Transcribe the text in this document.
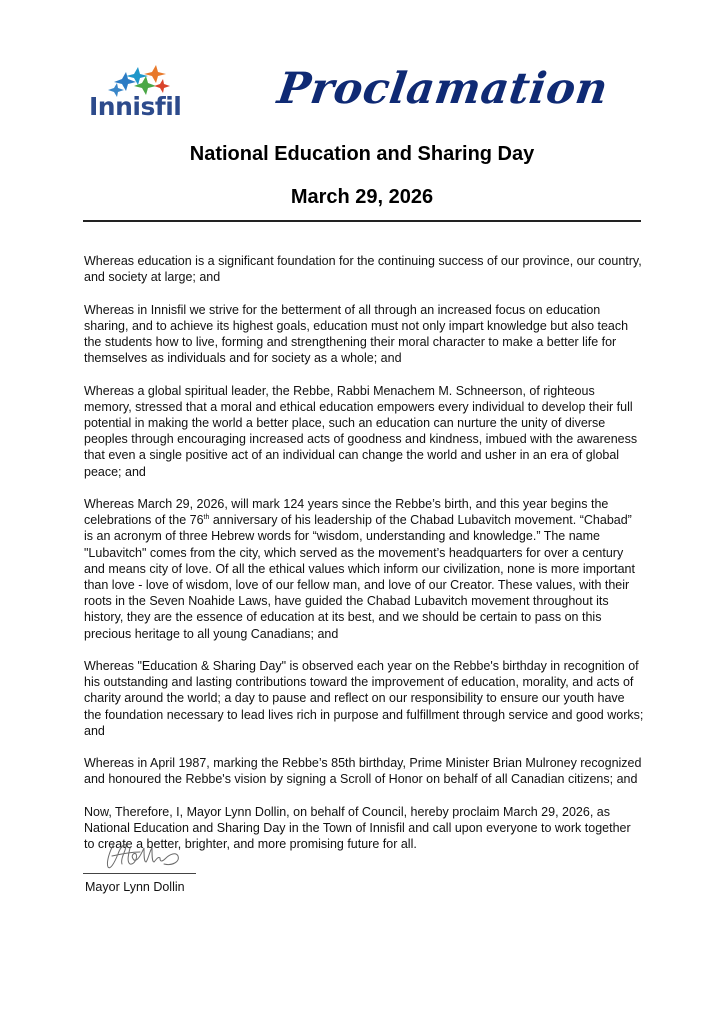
Innisfil Proclamation
National Education and Sharing Day
March 29, 2026

Whereas education is a significant foundation for the continuing success of our province, our country, and society at large; and

Whereas in Innisfil we strive for the betterment of all through an increased focus on education sharing, and to achieve its highest goals, education must not only impart knowledge but also teach the students how to live, forming and strengthening their moral character to make a better life for themselves as individuals and for society as a whole; and

Whereas a global spiritual leader, the Rebbe, Rabbi Menachem M. Schneerson, of righteous memory, stressed that a moral and ethical education empowers every individual to develop their full potential in making the world a better place, such an education can nurture the unity of diverse peoples through encouraging increased acts of goodness and kindness, imbued with the awareness that even a single positive act of an individual can change the world and usher in an era of global peace; and

Whereas March 29, 2026, will mark 124 years since the Rebbe’s birth, and this year begins the celebrations of the 76th anniversary of his leadership of the Chabad Lubavitch movement. “Chabad” is an acronym of three Hebrew words for “wisdom, understanding and knowledge.” The name "Lubavitch" comes from the city, which served as the movement’s headquarters for over a century and means city of love. Of all the ethical values which inform our civilization, none is more important than love - love of wisdom, love of our fellow man, and love of our Creator. These values, with their roots in the Seven Noahide Laws, have guided the Chabad Lubavitch movement throughout its history, they are the essence of education at its best, and we should be certain to pass on this precious heritage to all young Canadians; and

Whereas "Education & Sharing Day" is observed each year on the Rebbe's birthday in recognition of his outstanding and lasting contributions toward the improvement of education, morality, and acts of charity around the world; a day to pause and reflect on our responsibility to ensure our youth have the foundation necessary to lead lives rich in purpose and fulfillment through service and good works; and

Whereas in April 1987, marking the Rebbe’s 85th birthday, Prime Minister Brian Mulroney recognized and honoured the Rebbe's vision by signing a Scroll of Honor on behalf of all Canadian citizens; and

Now, Therefore, I, Mayor Lynn Dollin, on behalf of Council, hereby proclaim March 29, 2026, as National Education and Sharing Day in the Town of Innisfil and call upon everyone to work together to create a better, brighter, and more promising future for all.

Mayor Lynn Dollin
